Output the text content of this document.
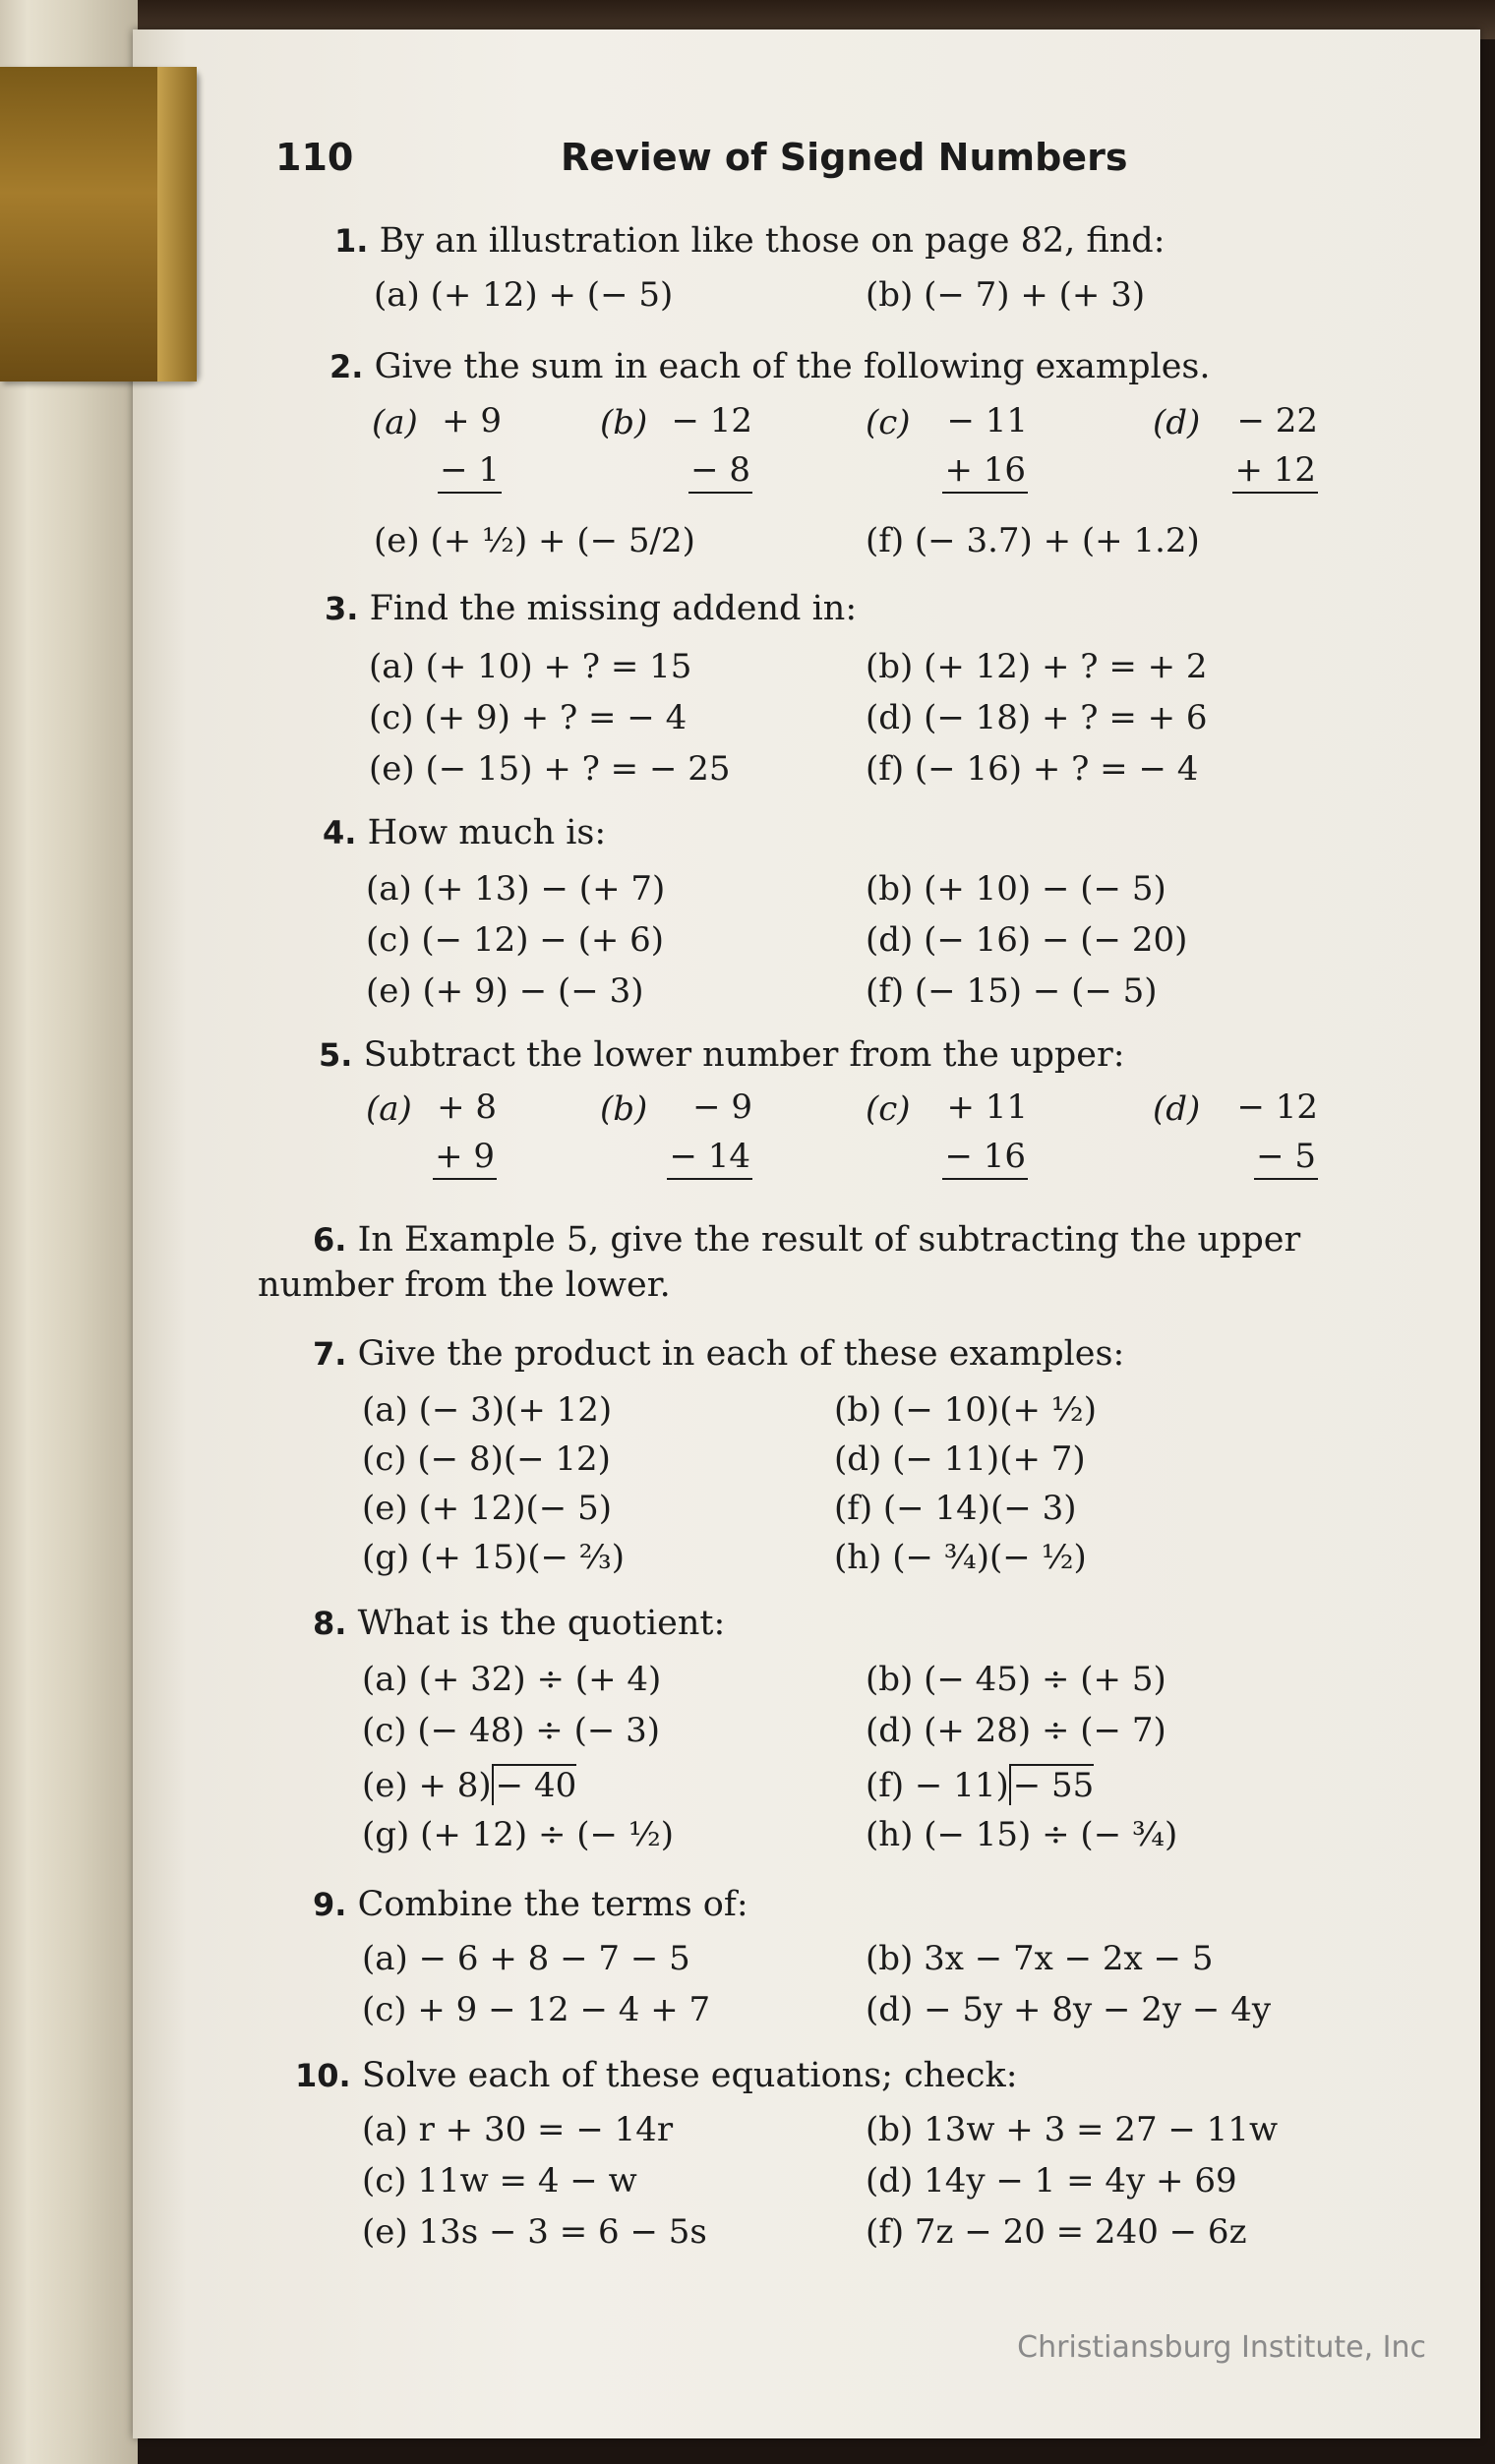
110	Review of Signed Numbers
1. By an illustration like those on page 82, find:
(a) (+ 12) + (− 5)	(b) (− 7) + (+ 3)
2. Give the sum in each of the following examples.
(a) + 9
− 1
(b) − 12
− 8
(c)	− 11
+ 16
(d)	− 22
+ 12
(e) (+ ½) + (− 5/2)	(f) (− 3.7) + (+ 1.2)
3. Find the missing addend in:
(a) (+ 10) + ? = 15	(b) (+ 12) + ? = + 2
(c) (+ 9) + ? = − 4	(d) (− 18) + ? = + 6
(e) (− 15) + ? = − 25	(f) (− 16) + ? = − 4
4. How much is:
(a) (+ 13) − (+ 7)	(b) (+ 10) − (− 5)
(c) (− 12) − (+ 6)	(d) (− 16) − (− 20)
(e) (+ 9) − (− 3)	(f) (− 15) − (− 5)
5. Subtract the lower number from the upper:
(a) + 8
+ 9
(b)	− 9
− 14
(c)	+ 11
− 16
(d)	− 12
− 5
6. In Example 5, give the result of subtracting the upper
number from the lower.
7. Give the product in each of these examples:
(a) (− 3)(+ 12)	(b) (− 10)(+ ½)
(c) (− 8)(− 12)	(d) (− 11)(+ 7)
(e) (+ 12)(− 5)	(f) (− 14)(− 3)
(g) (+ 15)(− ⅔)	(h) (− ¾)(− ½)
8. What is the quotient:
(a) (+ 32) ÷ (+ 4)	(b) (− 45) ÷ (+ 5)
(c) (− 48) ÷ (− 3)	(d) (+ 28) ÷ (− 7)
(e) + 8) − 40	(f) − 11) − 55
(g) (+ 12) ÷ (− ½)	(h) (− 15) ÷ (− ¾)
9. Combine the terms of:
(a) − 6 + 8 − 7 − 5	(b) 3x − 7x − 2x − 5
(c) + 9 − 12 − 4 + 7	(d) − 5y + 8y − 2y − 4y
10. Solve each of these equations; check:
(a) r + 30 = − 14r	(b) 13w + 3 = 27 − 11w
(c) 11w = 4 − w	(d) 14y − 1 = 4y + 69
(e) 13s − 3 = 6 − 5s	(f) 7z − 20 = 240 − 6z
Christiansburg Institute, Inc
